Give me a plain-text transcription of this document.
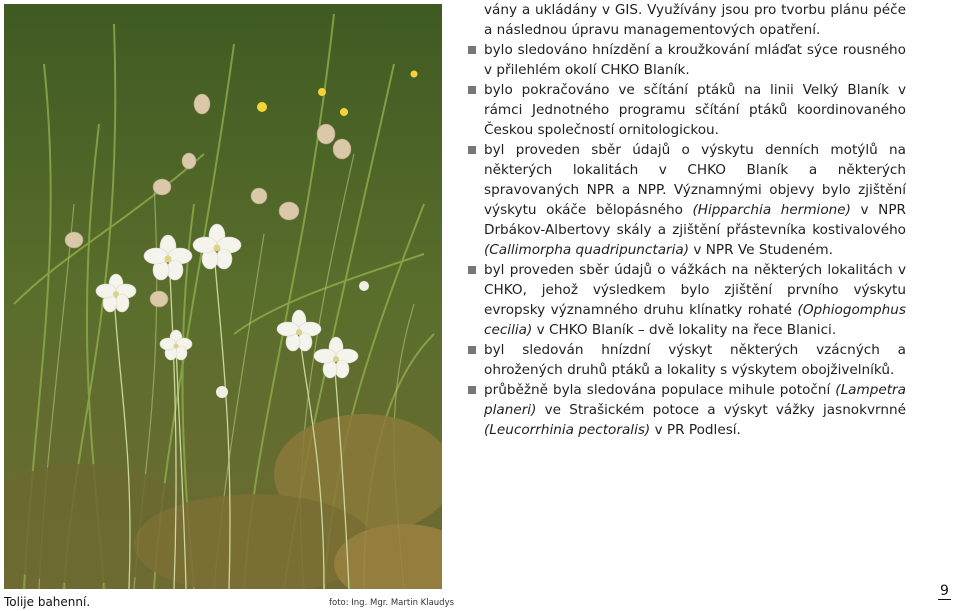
Tolije bahenní.	foto: Ing. Mgr. Martin Klaudys

vány a ukládány v GIS. Využívány jsou pro tvorbu plánu péče a následnou úpravu managementových opatření.

bylo sledováno hnízdění a kroužkování mláďat sýce rousného v přilehlém okolí CHKO Blaník.

bylo pokračováno ve sčítání ptáků na linii Velký Blaník v rámci Jednotného programu sčítání ptáků koordinovaného Českou společností ornitologickou.

byl proveden sběr údajů o výskytu denních motýlů na některých lokalitách v CHKO Blaník a některých spravovaných NPR a NPP. Významnými objevy bylo zjištění výskytu okáče bělopásného (Hipparchia hermione) v NPR Drbákov-Albertovy skály a zjištění přástevníka kostivalového (Callimorpha quadripunctaria) v NPR Ve Studeném.

byl proveden sběr údajů o vážkách na některých lokalitách v CHKO, jehož výsledkem bylo zjištění prvního výskytu evropsky významného druhu klínatky rohaté (Ophiogomphus cecilia) v CHKO Blaník – dvě lokality na řece Blanici.

byl sledován hnízdní výskyt některých vzácných a ohrožených druhů ptáků a lokality s výskytem obojživelníků.

průběžně byla sledována populace mihule potoční (Lampetra planeri) ve Strašickém potoce a výskyt vážky jasnokvrnné (Leucorrhinia pectoralis) v PR Podlesí.

9
